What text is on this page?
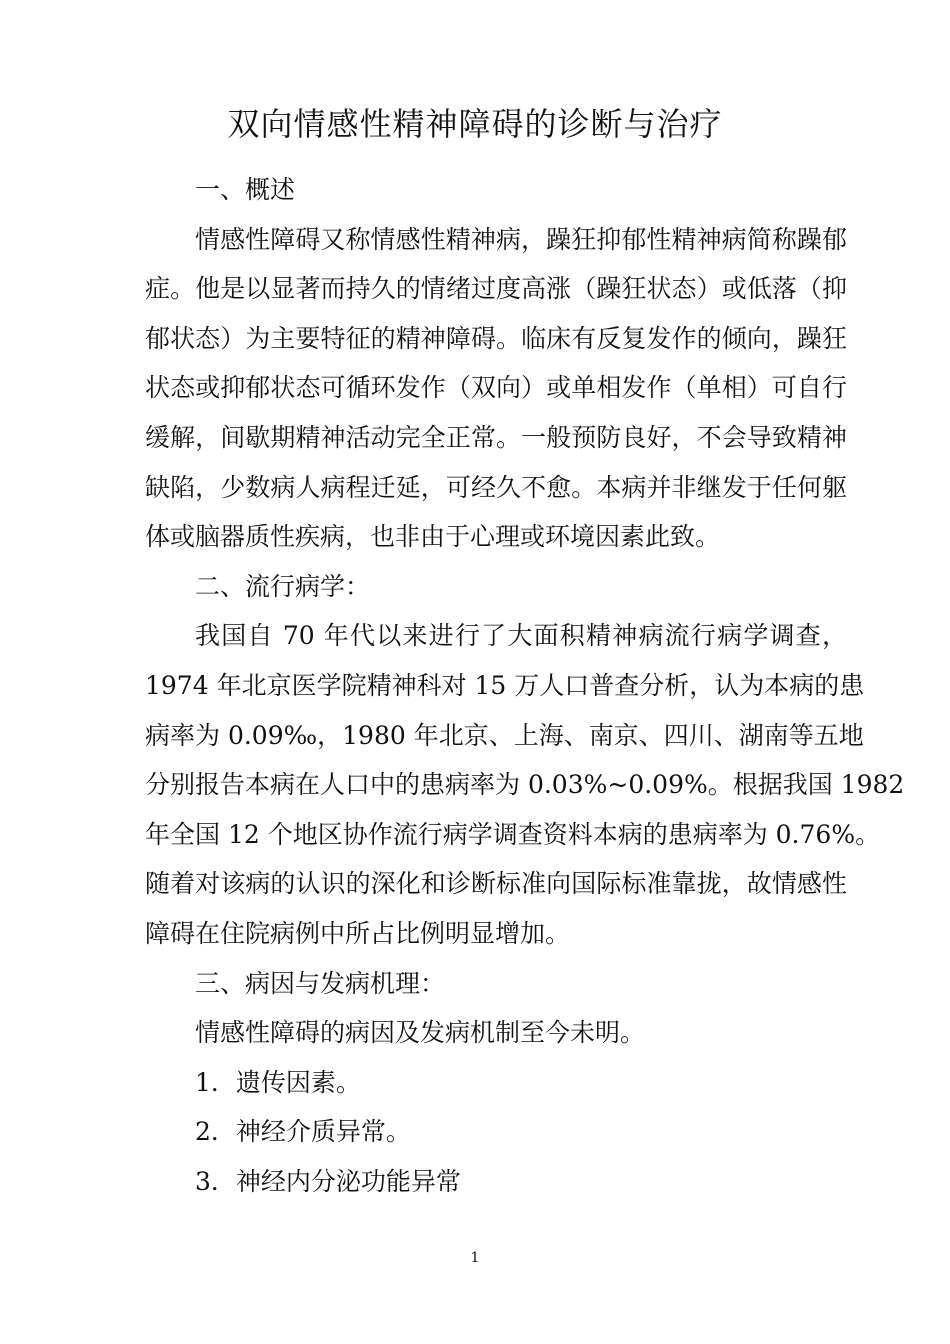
双向情感性精神障碍的诊断与治疗
一、概述
情感性障碍又称情感性精神病，躁狂抑郁性精神病简称躁郁
症。他是以显著而持久的情绪过度高涨（躁狂状态）或低落（抑
郁状态）为主要特征的精神障碍。临床有反复发作的倾向，躁狂
状态或抑郁状态可循环发作（双向）或单相发作（单相）可自行
缓解，间歇期精神活动完全正常。一般预防良好，不会导致精神
缺陷，少数病人病程迁延，可经久不愈。本病并非继发于任何躯
体或脑器质性疾病，也非由于心理或环境因素此致。
二、流行病学：
我国自 70 年代以来进行了大面积精神病流行病学调查，
1974 年北京医学院精神科对 15 万人口普查分析，认为本病的患
病率为 0.09‰，1980 年北京、上海、南京、四川、湖南等五地
分别报告本病在人口中的患病率为 0.03%~0.09%。根据我国 1982
年全国 12 个地区协作流行病学调查资料本病的患病率为 0.76%。
随着对该病的认识的深化和诊断标准向国际标准靠拢，故情感性
障碍在住院病例中所占比例明显增加。
三、病因与发病机理：
情感性障碍的病因及发病机制至今未明。
1．遗传因素。
2．神经介质异常。
3．神经内分泌功能异常
1
